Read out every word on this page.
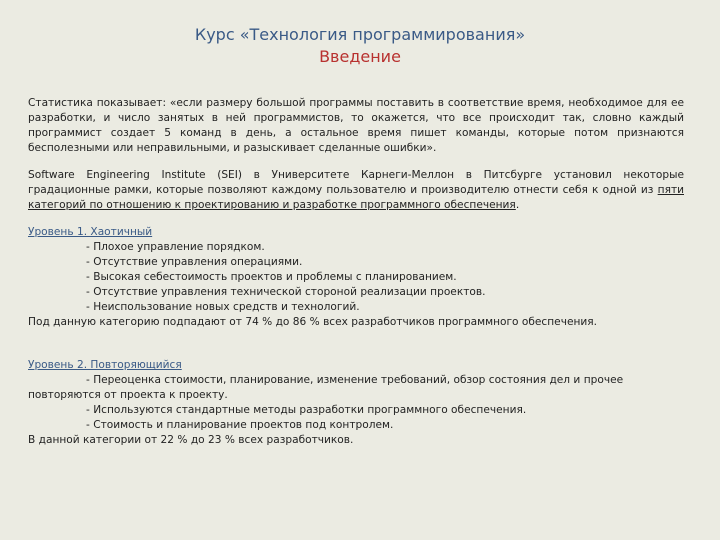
Курс «Технология программирования»
Введение

Статистика показывает: «если размеру большой программы поставить в соответствие время, необходимое для ее разработки, и число занятых в ней программистов, то окажется, что все происходит так, словно каждый программист создает 5 команд в день, а остальное время пишет команды, которые потом признаются бесполезными или неправильными, и разыскивает сделанные ошибки».

Software Engineering Institute (SEI) в Университете Карнеги-Меллон в Питсбурге установил некоторые градационные рамки, которые позволяют каждому пользователю и производителю отнести себя к одной из пяти категорий по отношению к проектированию и разработке программного обеспечения.

Уровень 1. Хаотичный
- Плохое управление порядком.
- Отсутствие управления операциями.
- Высокая себестоимость проектов и проблемы с планированием.
- Отсутствие управления технической стороной реализации проектов.
- Неиспользование новых средств и технологий.
Под данную категорию подпадают от 74 % до 86 % всех разработчиков программного обеспечения.
Уровень 2. Повторяющийся
- Переоценка стоимости, планирование, изменение требований, обзор состояния дел и прочее
повторяются от проекта к проекту.
- Используются стандартные методы разработки программного обеспечения.
- Стоимость и планирование проектов под контролем.
В данной категории от 22 % до 23 % всех разработчиков.
